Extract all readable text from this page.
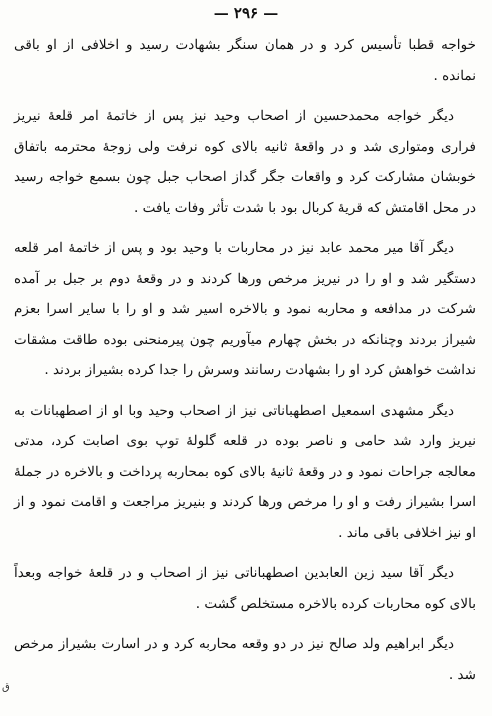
— ۲۹۶ —

خواجه قطبا تأسیس کرد و در همان سنگر بشهادت رسید و اخلافی از او باقی نمانده .

دیگر خواجه محمدحسین از اصحاب وحید نیز پس از خاتمهٔ امر قلعهٔ نیریز فراری ومتواری شد و در واقعهٔ ثانیه بالای کوه نرفت ولی زوجهٔ محترمه باتفاق خوبشان مشارکت کرد و واقعات جگر گداز اصحاب جبل چون بسمع خواجه رسید در محل اقامتش که قریهٔ کربال بود با شدت تأثر وفات یافت .

دیگر آقا میر محمد عابد نیز در محاربات با وحید بود و پس از خاتمهٔ امر قلعه دستگیر شد و او را در نیریز مرخص ورها کردند و در وقعهٔ دوم بر جبل بر آمده شرکت در مدافعه و محاربه نمود و بالاخره اسیر شد و او را با سایر اسرا بعزم شیراز بردند وچنانکه در بخش چهارم میآوریم چون پیرمنحنی بوده طاقت مشقات نداشت خواهش کرد او را بشهادت رسانند وسرش را جدا کرده بشیراز بردند .

دیگر مشهدی اسمعیل اصطهباناتی نیز از اصحاب وحید وبا او از اصطهبانات به نیریز وارد شد حامی و ناصر بوده در قلعه گلولهٔ توپ بوی اصابت کرد، مدتی معالجه جراحات نمود و در وقعهٔ ثانیهٔ بالای کوه بمحاربه پرداخت و بالاخره در جملهٔ اسرا بشیراز رفت و او را مرخص ورها کردند و بنیریز مراجعت و اقامت نمود و از او نیز اخلافی باقی ماند .

دیگر آقا سید زین العابدین اصطهباناتی نیز از اصحاب و در قلعهٔ خواجه وبعداً بالای کوه محاربات کرده بالاخره مستخلص گشت .

دیگر ابراهیم ولد صالح نیز در دو وقعه محاربه کرد و در اسارت بشیراز مرخص شد .

ق
